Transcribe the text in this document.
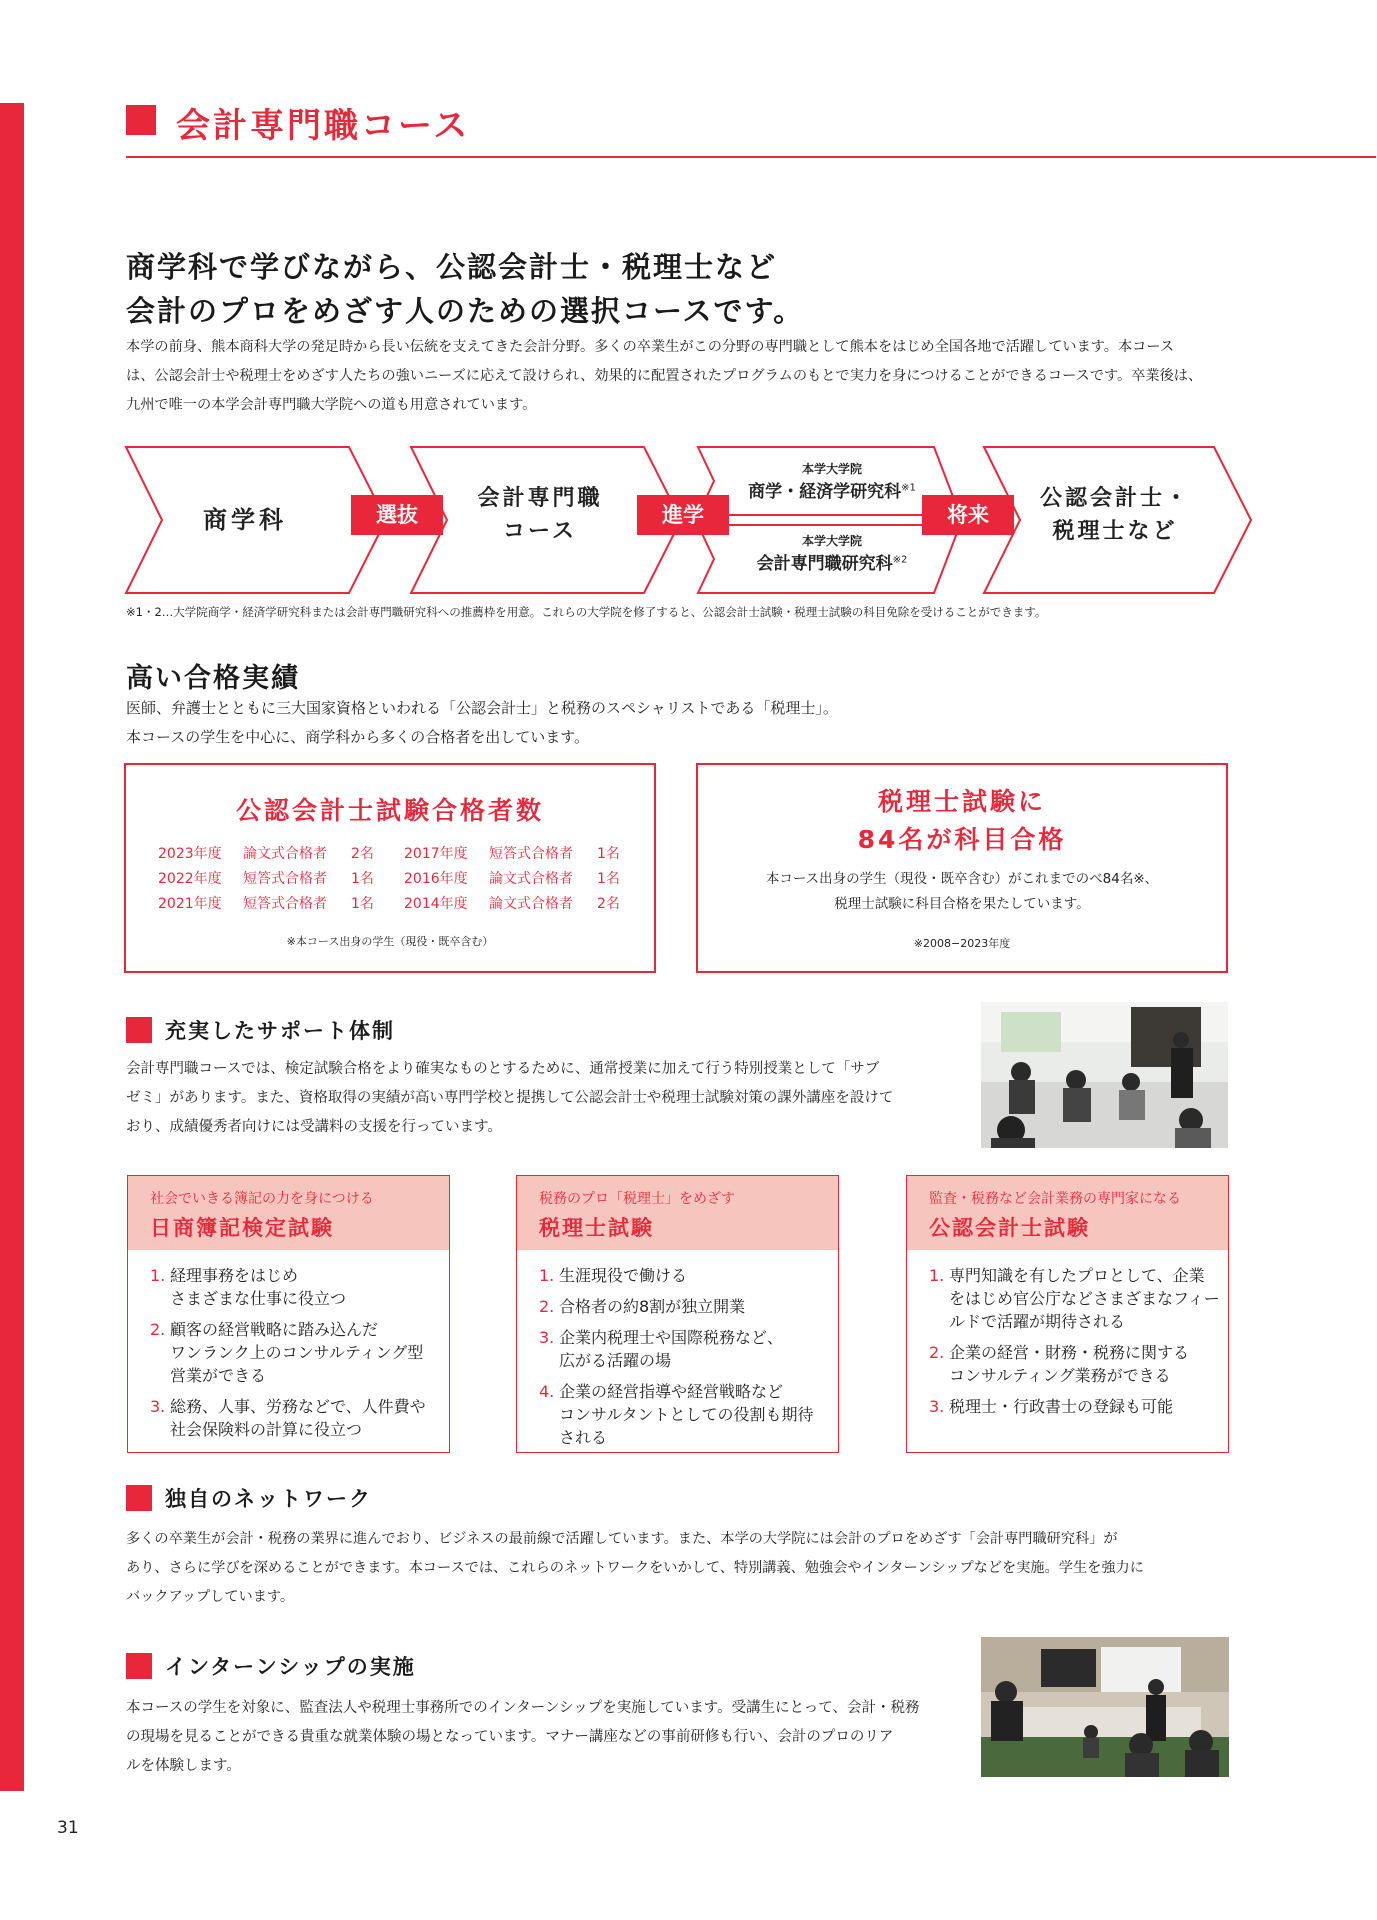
会計専門職コース
商学科で学びながら、公認会計士・税理士など
会計のプロをめざす人のための選択コースです。
本学の前身、熊本商科大学の発足時から長い伝統を支えてきた会計分野。多くの卒業生がこの分野の専門職として熊本をはじめ全国各地で活躍しています。本コース
は、公認会計士や税理士をめざす人たちの強いニーズに応えて設けられ、効果的に配置されたプログラムのもとで実力を身につけることができるコースです。卒業後は、
九州で唯一の本学会計専門職大学院への道も用意されています。
商学科	選抜
会計専門職
コース
進学
本学大学院
商学・経済学研究科$^{※1}$
本学大学院
会計専門職研究科$^{※2}$
将来
公認会計士・
税理士など
※1・2…大学院商学・経済学研究科または会計専門職研究科への推薦枠を用意。これらの大学院を修了すると、公認会計士試験・税理士試験の科目免除を受けることができます。
高い合格実績
医師、弁護士とともに三大国家資格といわれる「公認会計士」と税務のスペシャリストである「税理士」。
本コースの学生を中心に、商学科から多くの合格者を出しています。
公認会計士試験合格者数
2023年度 論文式合格者 2名
2022年度 短答式合格者 1名
2021年度 短答式合格者 1名
2017年度 短答式合格者 1名
2016年度 論文式合格者 1名
2014年度 論文式合格者 2名
※本コース出身の学生（現役・既卒含む）
税理士試験に
84名が科目合格
本コース出身の学生（現役・既卒含む）がこれまでのべ84名※、
税理士試験に科目合格を果たしています。
※2008−2023年度
充実したサポート体制
会計専門職コースでは、検定試験合格をより確実なものとするために、通常授業に加えて行う特別授業として「サブ
ゼミ」があります。また、資格取得の実績が高い専門学校と提携して公認会計士や税理士試験対策の課外講座を設けて
おり、成績優秀者向けには受講料の支援を行っています。
社会でいきる簿記の力を身につける
日商簿記検定試験
1. 経理事務をはじめ
さまざまな仕事に役立つ
2. 顧客の経営戦略に踏み込んだ
ワンランク上のコンサルティング型
営業ができる
3. 総務、人事、労務などで、人件費や
社会保険料の計算に役立つ
税務のプロ「税理士」をめざす
税理士試験
1. 生涯現役で働ける
2. 合格者の約8割が独立開業
3. 企業内税理士や国際税務など、
広がる活躍の場
4. 企業の経営指導や経営戦略など
コンサルタントとしての役割も期待
される
監査・税務など会計業務の専門家になる
公認会計士試験
1. 専門知識を有したプロとして、企業
をはじめ官公庁などさまざまなフィー
ルドで活躍が期待される
2. 企業の経営・財務・税務に関する
コンサルティング業務ができる
3. 税理士・行政書士の登録も可能
独自のネットワーク
多くの卒業生が会計・税務の業界に進んでおり、ビジネスの最前線で活躍しています。また、本学の大学院には会計のプロをめざす「会計専門職研究科」が
あり、さらに学びを深めることができます。本コースでは、これらのネットワークをいかして、特別講義、勉強会やインターンシップなどを実施。学生を強力に
バックアップしています。
インターンシップの実施
本コースの学生を対象に、監査法人や税理士事務所でのインターンシップを実施しています。受講生にとって、会計・税務
の現場を見ることができる貴重な就業体験の場となっています。マナー講座などの事前研修も行い、会計のプロのリア
ルを体験します。
31
